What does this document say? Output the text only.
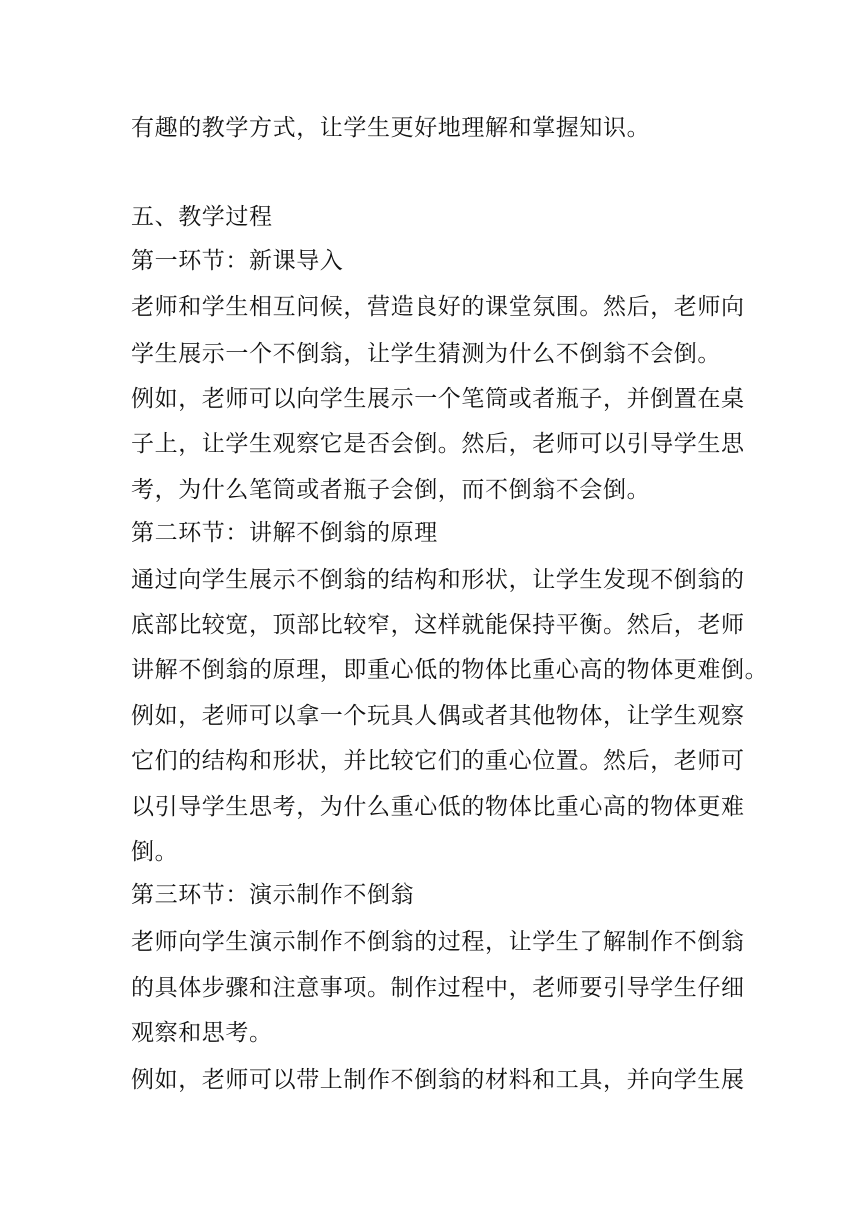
有趣的教学方式，让学生更好地理解和掌握知识。
五、教学过程
第一环节：新课导入
老师和学生相互问候，营造良好的课堂氛围。然后，老师向
学生展示一个不倒翁，让学生猜测为什么不倒翁不会倒。
例如，老师可以向学生展示一个笔筒或者瓶子，并倒置在桌
子上，让学生观察它是否会倒。然后，老师可以引导学生思
考，为什么笔筒或者瓶子会倒，而不倒翁不会倒。
第二环节：讲解不倒翁的原理
通过向学生展示不倒翁的结构和形状，让学生发现不倒翁的
底部比较宽，顶部比较窄，这样就能保持平衡。然后，老师
讲解不倒翁的原理，即重心低的物体比重心高的物体更难倒。
例如，老师可以拿一个玩具人偶或者其他物体，让学生观察
它们的结构和形状，并比较它们的重心位置。然后，老师可
以引导学生思考，为什么重心低的物体比重心高的物体更难
倒。
第三环节：演示制作不倒翁
老师向学生演示制作不倒翁的过程，让学生了解制作不倒翁
的具体步骤和注意事项。制作过程中，老师要引导学生仔细
观察和思考。
例如，老师可以带上制作不倒翁的材料和工具，并向学生展
